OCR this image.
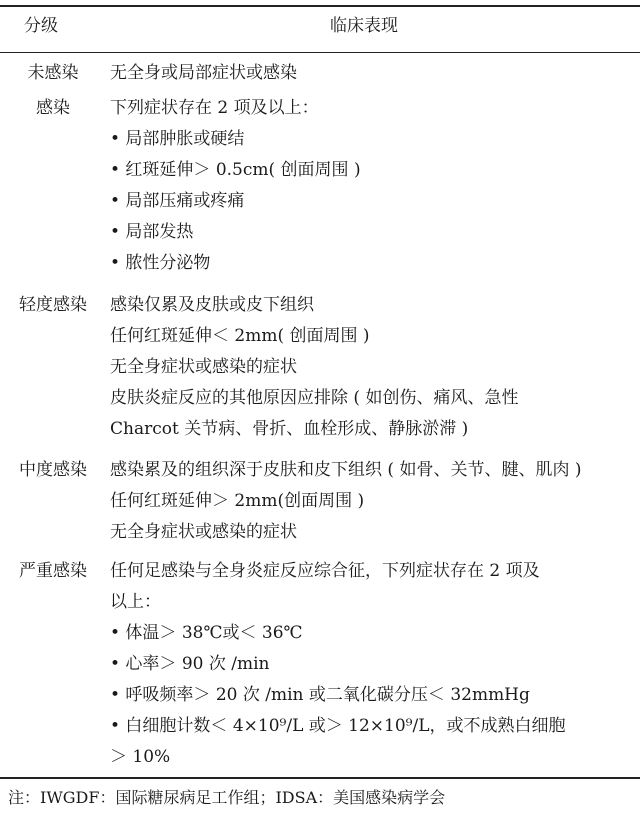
分级	临床表现
未感染	无全身或局部症状或感染
感染	下列症状存在 2 项及以上：
• 局部肿胀或硬结
• 红斑延伸＞ 0.5cm( 创面周围 )
• 局部压痛或疼痛
• 局部发热
• 脓性分泌物
轻度感染	感染仅累及皮肤或皮下组织
任何红斑延伸＜ 2mm( 创面周围 )
无全身症状或感染的症状
皮肤炎症反应的其他原因应排除 ( 如创伤、痛风、急性
Charcot 关节病、骨折、血栓形成、静脉淤滞 )
中度感染	感染累及的组织深于皮肤和皮下组织 ( 如骨、关节、腱、肌肉 )
任何红斑延伸＞ 2mm(创面周围 )
无全身症状或感染的症状
严重感染	任何足感染与全身炎症反应综合征，下列症状存在 2 项及
以上：
• 体温＞ 38℃或＜ 36℃
• 心率＞ 90 次 /min
• 呼吸频率＞ 20 次 /min 或二氧化碳分压＜ 32mmHg
• 白细胞计数＜ 4×10⁹/L 或＞ 12×10⁹/L，或不成熟白细胞
＞ 10%
注：IWGDF：国际糖尿病足工作组；IDSA：美国感染病学会
